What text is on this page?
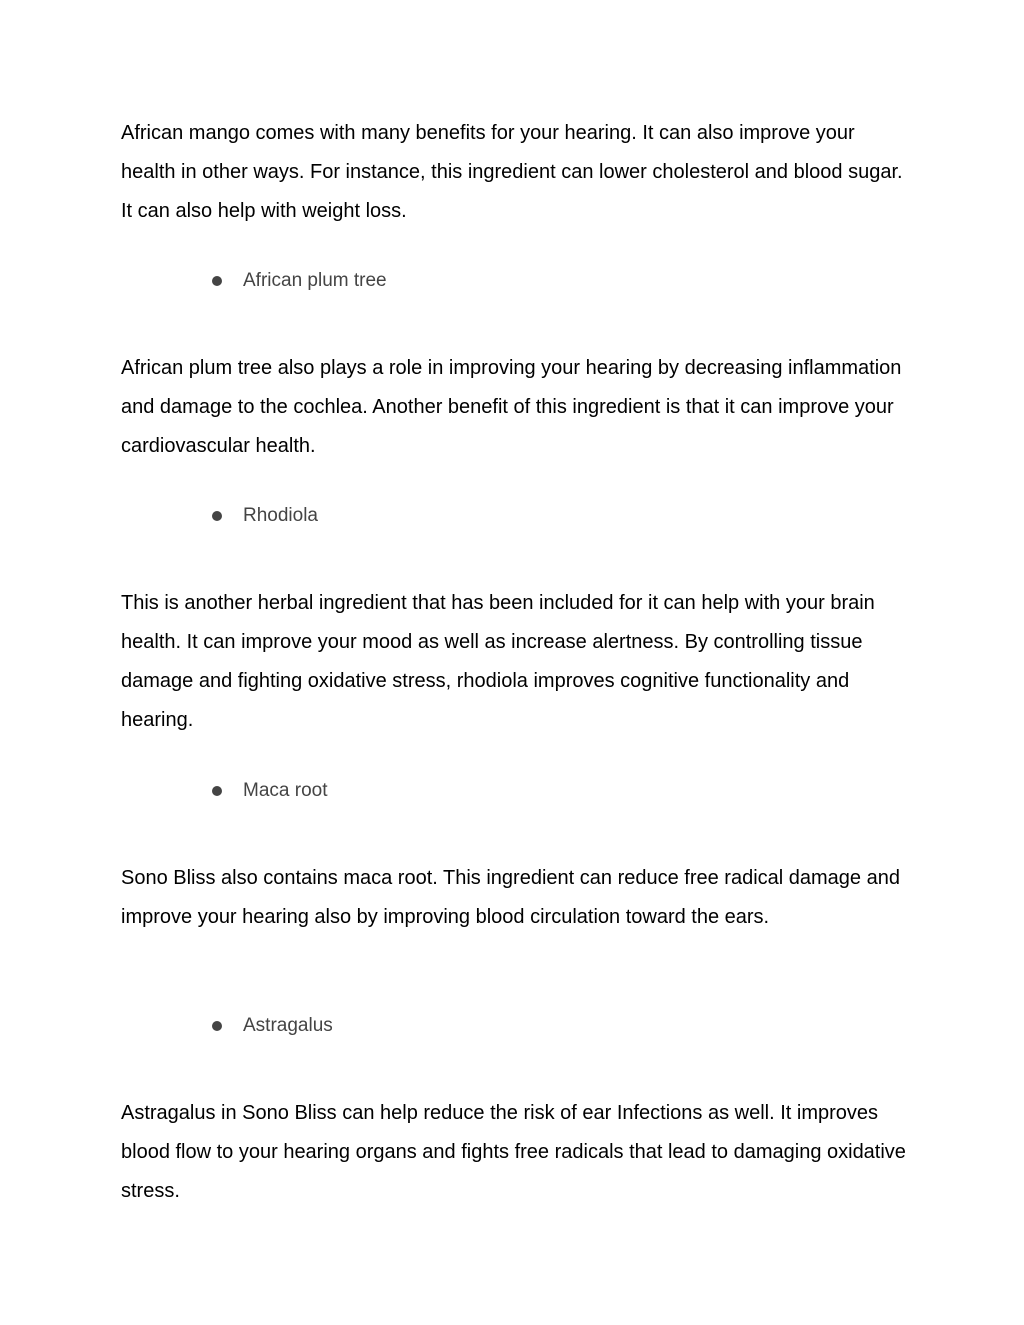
African mango comes with many benefits for your hearing. It can also improve your health in other ways. For instance, this ingredient can lower cholesterol and blood sugar. It can also help with weight loss.

African plum tree

African plum tree also plays a role in improving your hearing by decreasing inflammation and damage to the cochlea. Another benefit of this ingredient is that it can improve your cardiovascular health.

Rhodiola

This is another herbal ingredient that has been included for it can help with your brain health. It can improve your mood as well as increase alertness. By controlling tissue damage and fighting oxidative stress, rhodiola improves cognitive functionality and hearing.

Maca root

Sono Bliss also contains maca root. This ingredient can reduce free radical damage and improve your hearing also by improving blood circulation toward the ears.

Astragalus

Astragalus in Sono Bliss can help reduce the risk of ear Infections as well. It improves blood flow to your hearing organs and fights free radicals that lead to damaging oxidative stress.
